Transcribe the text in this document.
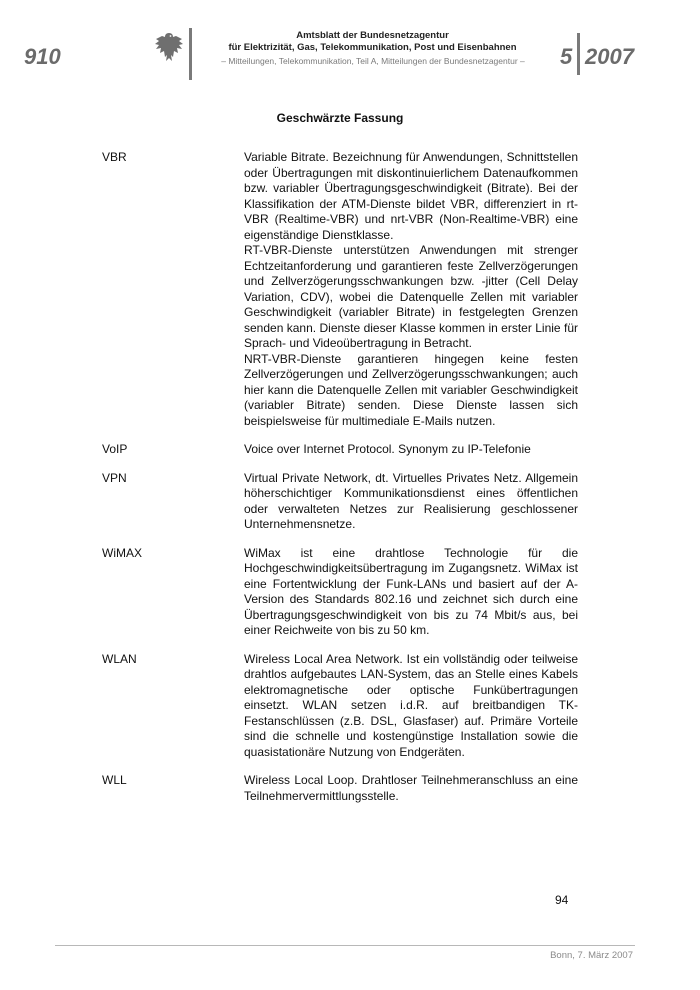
910
Amtsblatt der Bundesnetzagentur
für Elektrizität, Gas, Telekommunikation, Post und Eisenbahnen
– Mitteilungen, Telekommunikation, Teil A, Mitteilungen der Bundesnetzagentur –	5 2007
Geschwärzte Fassung
VBR	Variable Bitrate. Bezeichnung für Anwendungen, Schnittstellen oder Übertragungen mit diskontinuierlichem Datenaufkommen bzw. variabler Übertragungsgeschwindigkeit (Bitrate). Bei der Klassifikation der ATM-Dienste bildet VBR, differenziert in rt-VBR (Realtime-VBR) und nrt-VBR (Non-Realtime-VBR) eine eigenständige Dienstklasse.

RT-VBR-Dienste unterstützen Anwendungen mit strenger Echtzeitanforderung und garantieren feste Zellverzögerungen und Zellverzögerungsschwankungen bzw. -jitter (Cell Delay Variation, CDV), wobei die Datenquelle Zellen mit variabler Geschwindigkeit (variabler Bitrate) in festgelegten Grenzen senden kann. Dienste dieser Klasse kommen in erster Linie für Sprach- und Videoübertragung in Betracht.

NRT-VBR-Dienste garantieren hingegen keine festen Zellverzögerungen und Zellverzögerungsschwankungen; auch hier kann die Datenquelle Zellen mit variabler Geschwindigkeit (variabler Bitrate) senden. Diese Dienste lassen sich beispielsweise für multimediale E-Mails nutzen.

VoIP	Voice over Internet Protocol. Synonym zu IP-Telefonie

VPN	Virtual Private Network, dt. Virtuelles Privates Netz. Allgemein höherschichtiger Kommunikationsdienst eines öffentlichen oder verwalteten Netzes zur Realisierung geschlossener Unternehmensnetze.

WiMAX	WiMax ist eine drahtlose Technologie für die Hochgeschwindigkeitsübertragung im Zugangsnetz. WiMax ist eine Fortentwicklung der Funk-LANs und basiert auf der A-Version des Standards 802.16 und zeichnet sich durch eine Übertragungsgeschwindigkeit von bis zu 74 Mbit/s aus, bei einer Reichweite von bis zu 50 km.

WLAN	Wireless Local Area Network. Ist ein vollständig oder teilweise drahtlos aufgebautes LAN-System, das an Stelle eines Kabels elektromagnetische oder optische Funkübertragungen einsetzt. WLAN setzen i.d.R. auf breitbandigen TK-Festanschlüssen (z.B. DSL, Glasfaser) auf. Primäre Vorteile sind die schnelle und kostengünstige Installation sowie die quasistationäre Nutzung von Endgeräten.

WLL	Wireless Local Loop. Drahtloser Teilnehmeranschluss an eine Teilnehmervermittlungsstelle.

94
Bonn, 7. März 2007
